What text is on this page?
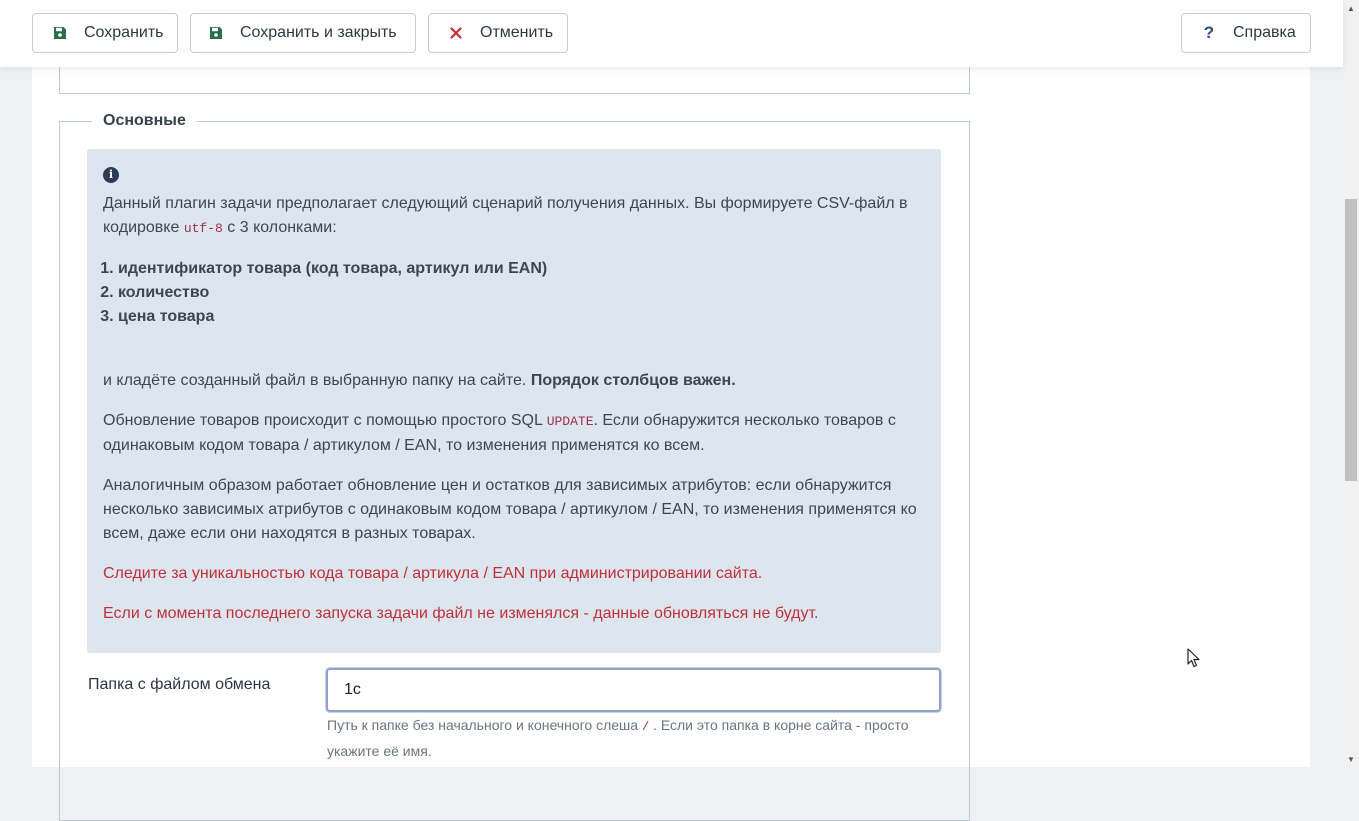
Сохранить	Сохранить и закрыть	Отменить	? Справка
Основные
i

Данный плагин задачи предполагает следующий сценарий получения данных. Вы формируете CSV-файл в кодировке utf-8 с 3 колонками:

1. идентификатор товара (код товара, артикул или EAN)
2. количество
3. цена товара

и кладёте созданный файл в выбранную папку на сайте. Порядок столбцов важен.

Обновление товаров происходит с помощью простого SQL UPDATE. Если обнаружится несколько товаров с одинаковым кодом товара / артикулом / EAN, то изменения применятся ко всем.

Аналогичным образом работает обновление цен и остатков для зависимых атрибутов: если обнаружится несколько зависимых атрибутов с одинаковым кодом товара / артикулом / EAN, то изменения применятся ко всем, даже если они находятся в разных товарах.

Следите за уникальностью кода товара / артикула / EAN при администрировании сайта.

Если с момента последнего запуска задачи файл не изменялся - данные обновляться не будут.

Папка с файлом обмена
1c
Путь к папке без начального и конечного слеша / . Если это папка в корне сайта - просто укажите её имя.
▲
▼
